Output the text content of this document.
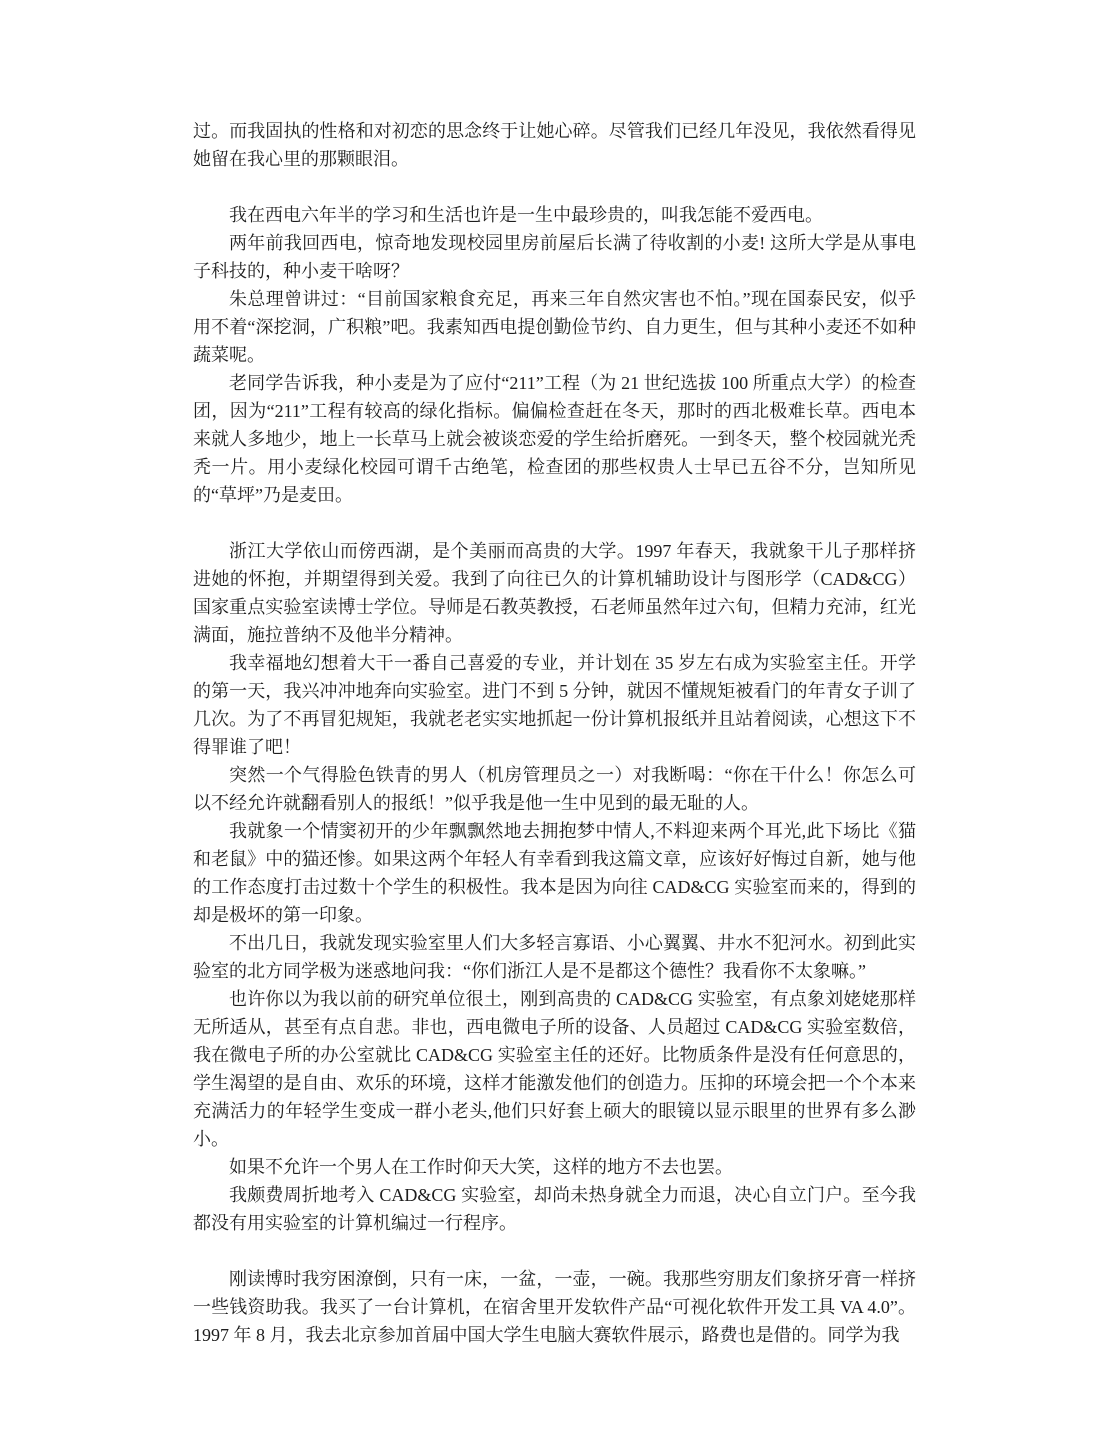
过。而我固执的性格和对初恋的思念终于让她心碎。尽管我们已经几年没见，我依然看得见她留在我心里的那颗眼泪。

我在西电六年半的学习和生活也许是一生中最珍贵的，叫我怎能不爱西电。

两年前我回西电，惊奇地发现校园里房前屋后长满了待收割的小麦! 这所大学是从事电子科技的，种小麦干啥呀？

朱总理曾讲过：“目前国家粮食充足，再来三年自然灾害也不怕。”现在国泰民安，似乎用不着“深挖洞，广积粮”吧。我素知西电提创勤俭节约、自力更生，但与其种小麦还不如种蔬菜呢。

老同学告诉我，种小麦是为了应付“211”工程（为 21 世纪选拔 100 所重点大学）的检查团，因为“211”工程有较高的绿化指标。偏偏检查赶在冬天，那时的西北极难长草。西电本来就人多地少，地上一长草马上就会被谈恋爱的学生给折磨死。一到冬天，整个校园就光秃秃一片。用小麦绿化校园可谓千古绝笔，检查团的那些权贵人士早已五谷不分，岂知所见的“草坪”乃是麦田。

浙江大学依山而傍西湖，是个美丽而高贵的大学。1997 年春天，我就象干儿子那样挤进她的怀抱，并期望得到关爱。我到了向往已久的计算机辅助设计与图形学（CAD&CG）国家重点实验室读博士学位。导师是石教英教授，石老师虽然年过六旬，但精力充沛，红光满面，施拉普纳不及他半分精神。

我幸福地幻想着大干一番自己喜爱的专业，并计划在 35 岁左右成为实验室主任。开学的第一天，我兴冲冲地奔向实验室。进门不到 5 分钟，就因不懂规矩被看门的年青女子训了几次。为了不再冒犯规矩，我就老老实实地抓起一份计算机报纸并且站着阅读，心想这下不得罪谁了吧！

突然一个气得脸色铁青的男人（机房管理员之一）对我断喝：“你在干什么！你怎么可以不经允许就翻看别人的报纸！”似乎我是他一生中见到的最无耻的人。

我就象一个情窦初开的少年飘飘然地去拥抱梦中情人,不料迎来两个耳光,此下场比《猫和老鼠》中的猫还惨。如果这两个年轻人有幸看到我这篇文章，应该好好悔过自新，她与他的工作态度打击过数十个学生的积极性。我本是因为向往 CAD&CG 实验室而来的，得到的却是极坏的第一印象。

不出几日，我就发现实验室里人们大多轻言寡语、小心翼翼、井水不犯河水。初到此实验室的北方同学极为迷惑地问我：“你们浙江人是不是都这个德性？我看你不太象嘛。”

也许你以为我以前的研究单位很土，刚到高贵的 CAD&CG 实验室，有点象刘姥姥那样无所适从，甚至有点自悲。非也，西电微电子所的设备、人员超过 CAD&CG 实验室数倍，我在微电子所的办公室就比 CAD&CG 实验室主任的还好。比物质条件是没有任何意思的，学生渴望的是自由、欢乐的环境，这样才能激发他们的创造力。压抑的环境会把一个个本来充满活力的年轻学生变成一群小老头,他们只好套上硕大的眼镜以显示眼里的世界有多么渺小。

如果不允许一个男人在工作时仰天大笑，这样的地方不去也罢。

我颇费周折地考入 CAD&CG 实验室，却尚未热身就全力而退，决心自立门户。至今我都没有用实验室的计算机编过一行程序。

刚读博时我穷困潦倒，只有一床，一盆，一壶，一碗。我那些穷朋友们象挤牙膏一样挤一些钱资助我。我买了一台计算机，在宿舍里开发软件产品“可视化软件开发工具 VA 4.0”。1997 年 8 月，我去北京参加首届中国大学生电脑大赛软件展示，路费也是借的。同学为我
